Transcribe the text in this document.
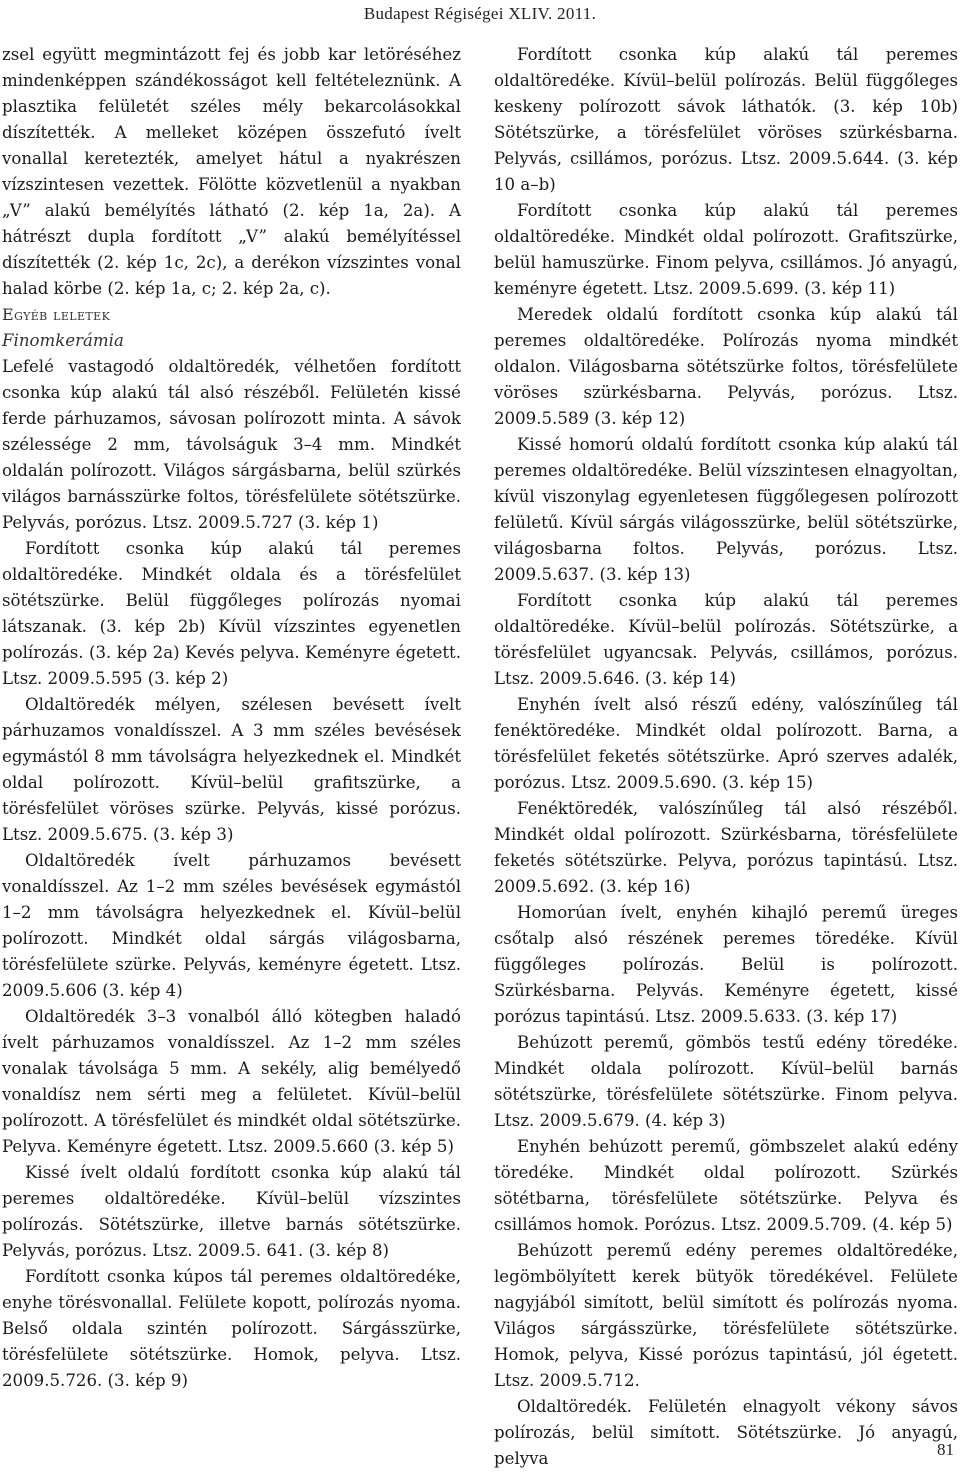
Budapest Régiségei XLIV. 2011.

zsel együtt megmintázott fej és jobb kar letöréséhez mindenképpen szándékosságot kell feltételeznünk. A plasztika felületét széles mély bekarcolásokkal díszítették. A melleket középen összefutó ívelt vonallal keretezték, amelyet hátul a nyakrészen vízszintesen vezettek. Fölötte közvetlenül a nyakban „V” alakú bemélyítés látható (2. kép 1a, 2a). A hátrészt dupla fordított „V” alakú bemélyítéssel díszítették (2. kép 1c, 2c), a derékon vízszintes vonal halad körbe (2. kép 1a, c; 2. kép 2a, c).

Egyéb leletek

Finomkerámia

Lefelé vastagodó oldaltöredék, vélhetően fordított csonka kúp alakú tál alsó részéből. Felületén kissé ferde párhuzamos, sávosan polírozott minta. A sávok szélessége 2 mm, távolságuk 3–4 mm. Mindkét oldalán polírozott. Világos sárgásbarna, belül szürkés világos barnásszürke foltos, törésfelülete sötétszürke. Pelyvás, porózus. Ltsz. 2009.5.727 (3. kép 1)

Fordított csonka kúp alakú tál peremes oldaltöredéke. Mindkét oldala és a törésfelület sötétszürke. Belül függőleges polírozás nyomai látszanak. (3. kép 2b) Kívül vízszintes egyenetlen polírozás. (3. kép 2a) Kevés pelyva. Keményre égetett. Ltsz. 2009.5.595 (3. kép 2)

Oldaltöredék mélyen, szélesen bevésett ívelt párhuzamos vonaldísszel. A 3 mm széles bevésések egymástól 8 mm távolságra helyezkednek el. Mindkét oldal polírozott. Kívül–belül grafitszürke, a törésfelület vöröses szürke. Pelyvás, kissé porózus. Ltsz. 2009.5.675. (3. kép 3)

Oldaltöredék ívelt párhuzamos bevésett vonaldísszel. Az 1–2 mm széles bevésések egymástól 1–2 mm távolságra helyezkednek el. Kívül–belül polírozott. Mindkét oldal sárgás világosbarna, törésfelülete szürke. Pelyvás, keményre égetett. Ltsz. 2009.5.606 (3. kép 4)

Oldaltöredék 3–3 vonalból álló kötegben haladó ívelt párhuzamos vonaldísszel. Az 1–2 mm széles vonalak távolsága 5 mm. A sekély, alig bemélyedő vonaldísz nem sérti meg a felületet. Kívül–belül polírozott. A törésfelület és mindkét oldal sötétszürke. Pelyva. Keményre égetett. Ltsz. 2009.5.660 (3. kép 5)

Kissé ívelt oldalú fordított csonka kúp alakú tál peremes oldaltöredéke. Kívül–belül vízszintes polírozás. Sötétszürke, illetve barnás sötétszürke. Pelyvás, porózus. Ltsz. 2009.5. 641. (3. kép 8)

Fordított csonka kúpos tál peremes oldaltöredéke, enyhe törésvonallal. Felülete kopott, polírozás nyoma. Belső oldala szintén polírozott. Sárgásszürke, törésfelülete sötétszürke. Homok, pelyva. Ltsz. 2009.5.726. (3. kép 9)

Fordított csonka kúp alakú tál peremes oldaltöredéke. Kívül–belül polírozás. Belül függőleges keskeny polírozott sávok láthatók. (3. kép 10b) Sötétszürke, a törésfelület vöröses szürkésbarna. Pelyvás, csillámos, porózus. Ltsz. 2009.5.644. (3. kép 10 a–b)

Fordított csonka kúp alakú tál peremes oldaltöredéke. Mindkét oldal polírozott. Grafitszürke, belül hamuszürke. Finom pelyva, csillámos. Jó anyagú, keményre égetett. Ltsz. 2009.5.699. (3. kép 11)

Meredek oldalú fordított csonka kúp alakú tál peremes oldaltöredéke. Polírozás nyoma mindkét oldalon. Világosbarna sötétszürke foltos, törésfelülete vöröses szürkésbarna. Pelyvás, porózus. Ltsz. 2009.5.589 (3. kép 12)

Kissé homorú oldalú fordított csonka kúp alakú tál peremes oldaltöredéke. Belül vízszintesen elnagyoltan, kívül viszonylag egyenletesen függőlegesen polírozott felületű. Kívül sárgás világosszürke, belül sötétszürke, világosbarna foltos. Pelyvás, porózus. Ltsz. 2009.5.637. (3. kép 13)

Fordított csonka kúp alakú tál peremes oldaltöredéke. Kívül–belül polírozás. Sötétszürke, a törésfelület ugyancsak. Pelyvás, csillámos, porózus. Ltsz. 2009.5.646. (3. kép 14)

Enyhén ívelt alsó részű edény, valószínűleg tál fenéktöredéke. Mindkét oldal polírozott. Barna, a törésfelület feketés sötétszürke. Apró szerves adalék, porózus. Ltsz. 2009.5.690. (3. kép 15)

Fenéktöredék, valószínűleg tál alsó részéből. Mindkét oldal polírozott. Szürkésbarna, törésfelülete feketés sötétszürke. Pelyva, porózus tapintású. Ltsz. 2009.5.692. (3. kép 16)

Homorúan ívelt, enyhén kihajló peremű üreges csőtalp alsó részének peremes töredéke. Kívül függőleges polírozás. Belül is polírozott. Szürkésbarna. Pelyvás. Keményre égetett, kissé porózus tapintású. Ltsz. 2009.5.633. (3. kép 17)

Behúzott peremű, gömbös testű edény töredéke. Mindkét oldala polírozott. Kívül–belül barnás sötétszürke, törésfelülete sötétszürke. Finom pelyva. Ltsz. 2009.5.679. (4. kép 3)

Enyhén behúzott peremű, gömbszelet alakú edény töredéke. Mindkét oldal polírozott. Szürkés sötétbarna, törésfelülete sötétszürke. Pelyva és csillámos homok. Porózus. Ltsz. 2009.5.709. (4. kép 5)

Behúzott peremű edény peremes oldaltöredéke, legömbölyített kerek bütyök töredékével. Felülete nagyjából simított, belül simított és polírozás nyoma. Világos sárgásszürke, törésfelülete sötétszürke. Homok, pelyva, Kissé porózus tapintású, jól égetett. Ltsz. 2009.5.712.

Oldaltöredék. Felületén elnagyolt vékony sávos polírozás, belül simított. Sötétszürke. Jó anyagú, pelyva	81
